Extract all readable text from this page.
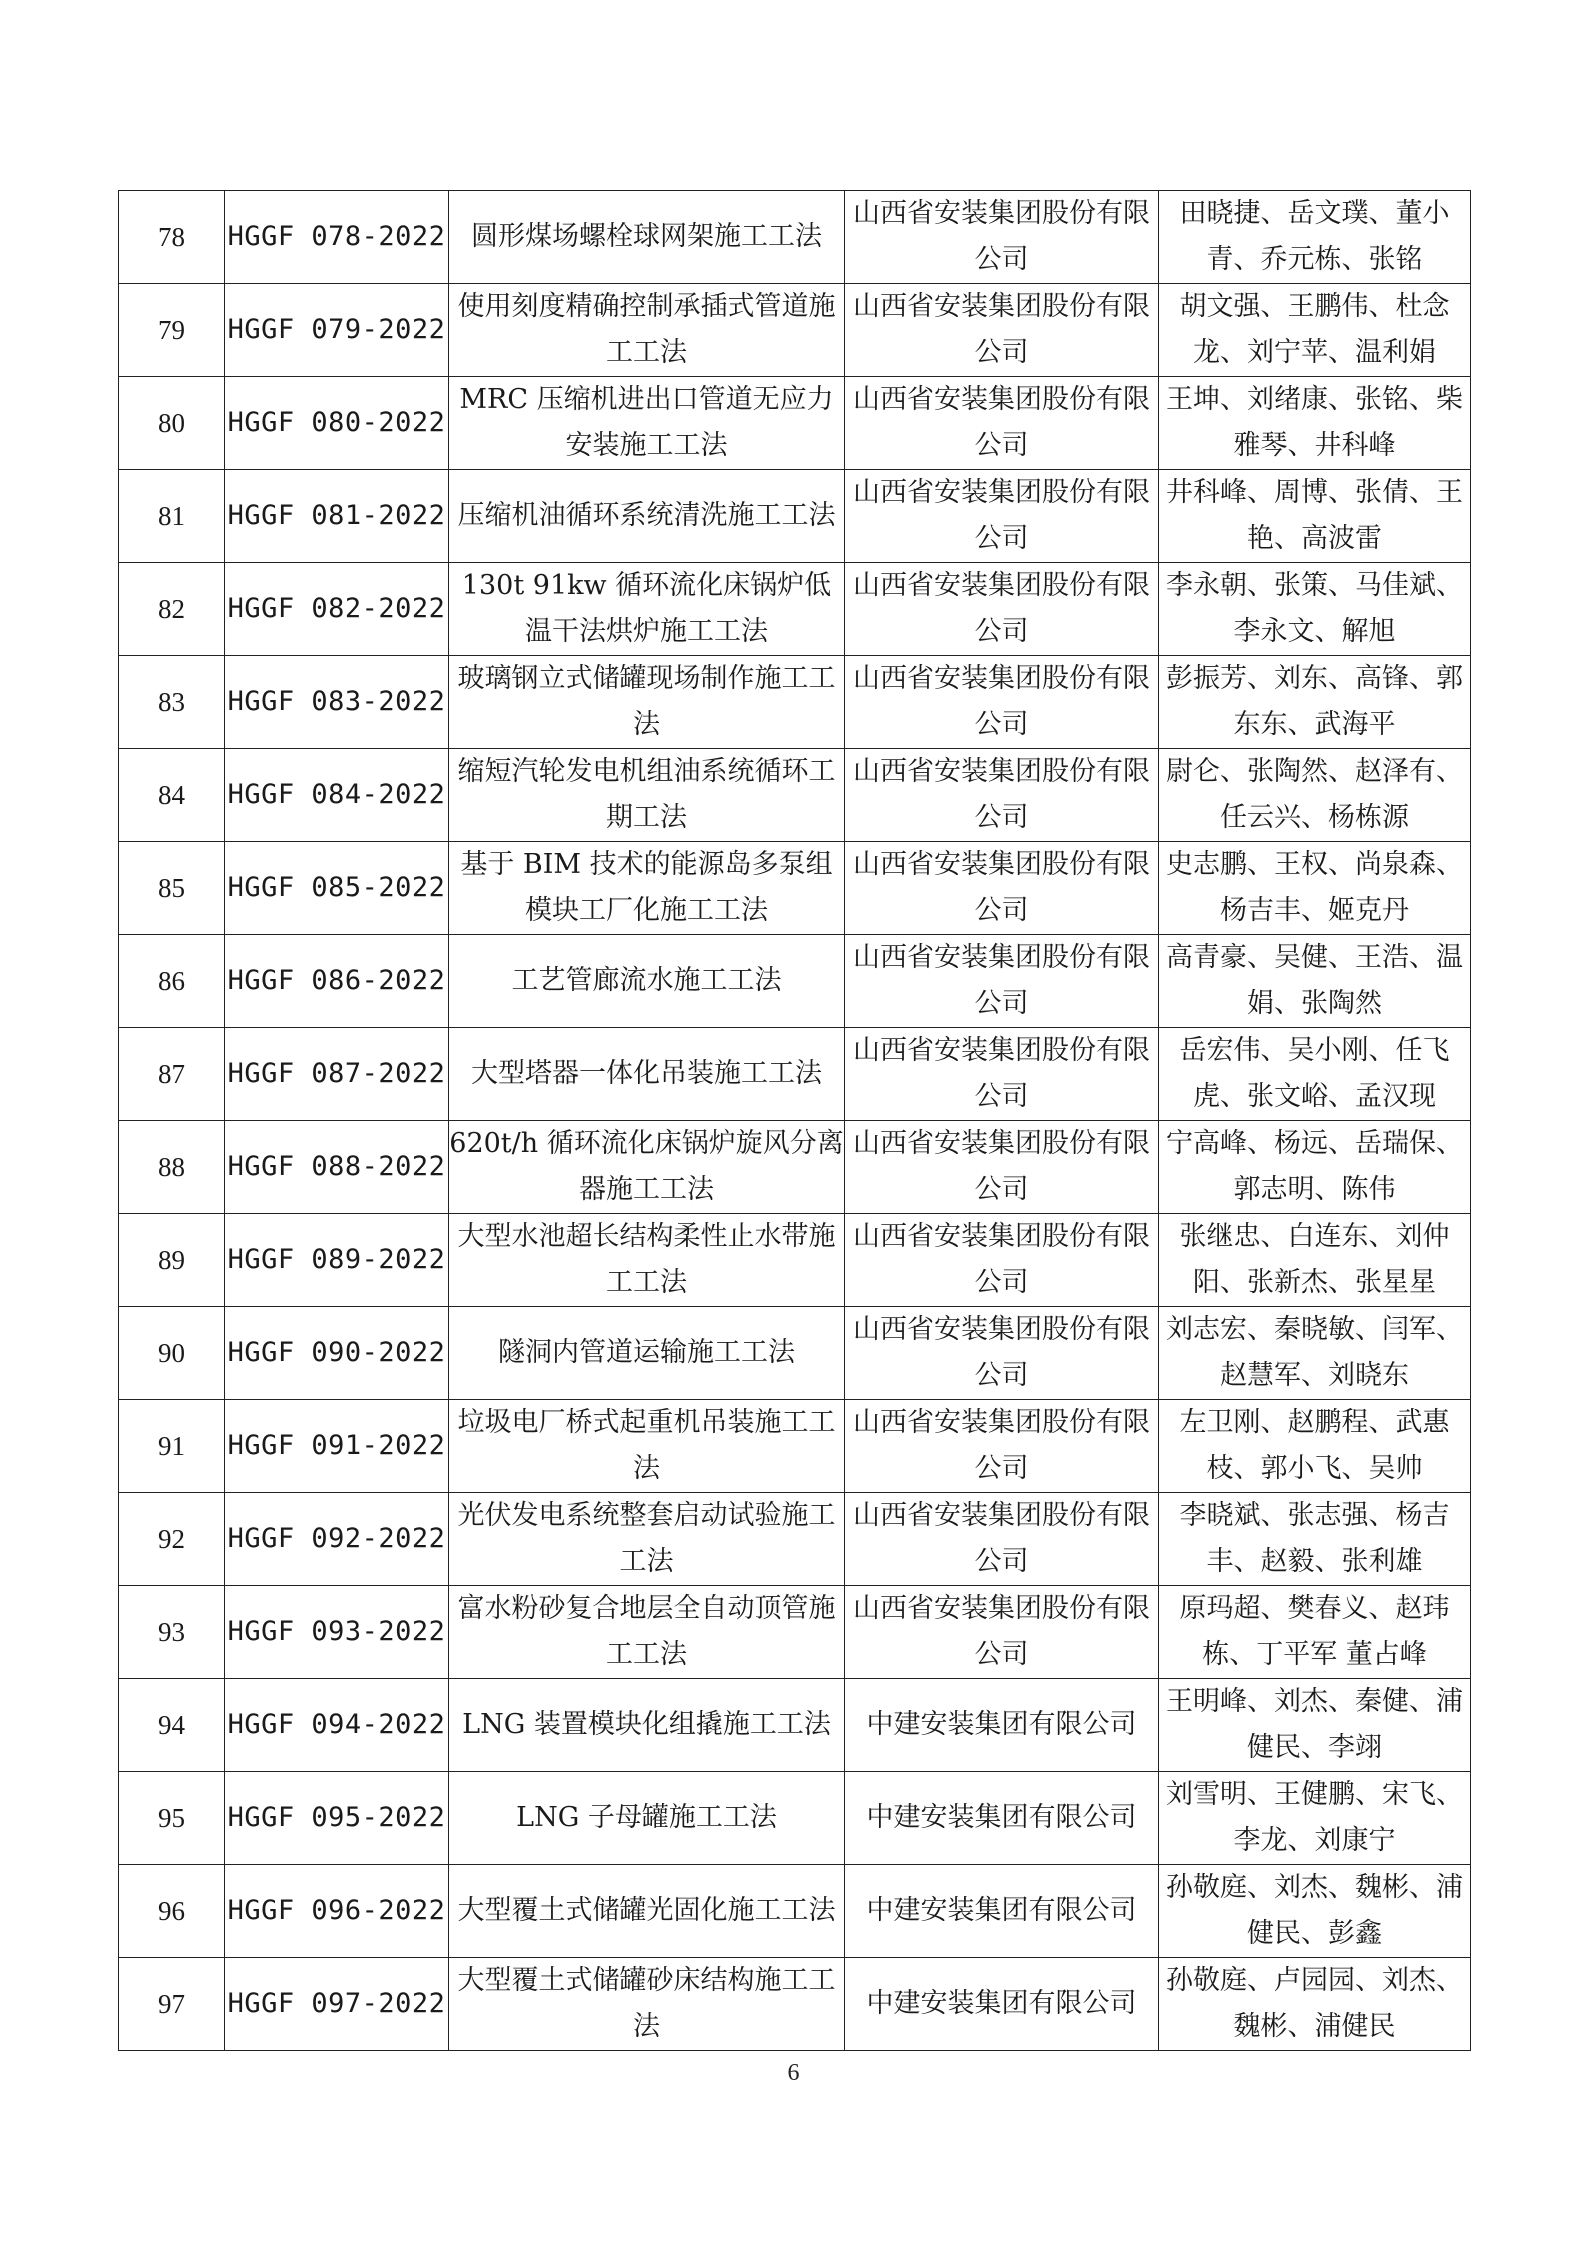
78	HGGF 078-2022	圆形煤场螺栓球网架施工工法	山西省安装集团股份有限公司	田晓捷、岳文璞、董小青、乔元栋、张铭
79	HGGF 079-2022	使用刻度精确控制承插式管道施工工法	山西省安装集团股份有限公司	胡文强、王鹏伟、杜念龙、刘宁苹、温利娟
80	HGGF 080-2022	MRC 压缩机进出口管道无应力安装施工工法	山西省安装集团股份有限公司	王坤、刘绪康、张铭、柴雅琴、井科峰
81	HGGF 081-2022	压缩机油循环系统清洗施工工法	山西省安装集团股份有限公司	井科峰、周博、张倩、王艳、高波雷
82	HGGF 082-2022	130t 91kw 循环流化床锅炉低温干法烘炉施工工法	山西省安装集团股份有限公司	李永朝、张策、马佳斌、李永文、解旭
83	HGGF 083-2022	玻璃钢立式储罐现场制作施工工法	山西省安装集团股份有限公司	彭振芳、刘东、高锋、郭东东、武海平
84	HGGF 084-2022	缩短汽轮发电机组油系统循环工期工法	山西省安装集团股份有限公司	尉仑、张陶然、赵泽有、任云兴、杨栋源
85	HGGF 085-2022	基于 BIM 技术的能源岛多泵组模块工厂化施工工法	山西省安装集团股份有限公司	史志鹏、王权、尚泉森、杨吉丰、姬克丹
86	HGGF 086-2022	工艺管廊流水施工工法	山西省安装集团股份有限公司	高青豪、吴健、王浩、温娟、张陶然
87	HGGF 087-2022	大型塔器一体化吊装施工工法	山西省安装集团股份有限公司	岳宏伟、吴小刚、任飞虎、张文峪、孟汉现
88	HGGF 088-2022	620t/h 循环流化床锅炉旋风分离器施工工法	山西省安装集团股份有限公司	宁高峰、杨远、岳瑞保、郭志明、陈伟
89	HGGF 089-2022	大型水池超长结构柔性止水带施工工法	山西省安装集团股份有限公司	张继忠、白连东、刘仲阳、张新杰、张星星
90	HGGF 090-2022	隧洞内管道运输施工工法	山西省安装集团股份有限公司	刘志宏、秦晓敏、闫军、赵慧军、刘晓东
91	HGGF 091-2022	垃圾电厂桥式起重机吊装施工工法	山西省安装集团股份有限公司	左卫刚、赵鹏程、武惠枝、郭小飞、吴帅
92	HGGF 092-2022	光伏发电系统整套启动试验施工工法	山西省安装集团股份有限公司	李晓斌、张志强、杨吉丰、赵毅、张利雄
93	HGGF 093-2022	富水粉砂复合地层全自动顶管施工工法	山西省安装集团股份有限公司	原玛超、樊春义、赵玮栋、丁平军 董占峰
94	HGGF 094-2022	LNG 装置模块化组撬施工工法	中建安装集团有限公司	王明峰、刘杰、秦健、浦健民、李翊
95	HGGF 095-2022	LNG 子母罐施工工法	中建安装集团有限公司	刘雪明、王健鹏、宋飞、李龙、刘康宁
96	HGGF 096-2022	大型覆土式储罐光固化施工工法	中建安装集团有限公司	孙敬庭、刘杰、魏彬、浦健民、彭鑫
97	HGGF 097-2022	大型覆土式储罐砂床结构施工工法	中建安装集团有限公司	孙敬庭、卢园园、刘杰、魏彬、浦健民
6
